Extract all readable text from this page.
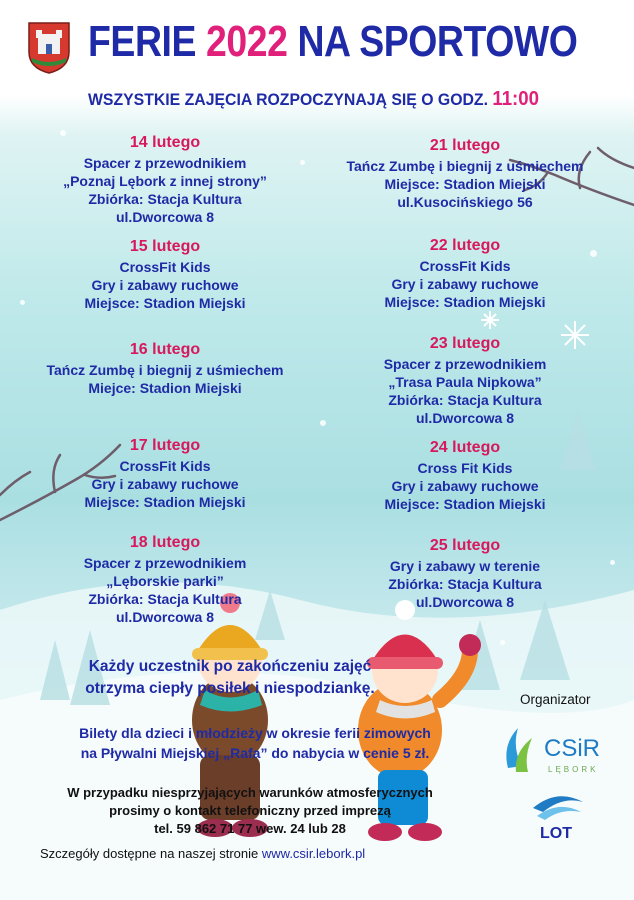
FERIE 2022 NA SPORTOWO
WSZYSTKIE ZAJĘCIA ROZPOCZYNAJĄ SIĘ O GODZ. 11:00
14 lutego
Spacer z przewodnikiem
„Poznaj Lębork z innej strony”
Zbiórka: Stacja Kultura
ul.Dworcowa 8
15 lutego
CrossFit Kids
Gry i zabawy ruchowe
Miejsce: Stadion Miejski
16 lutego
Tańcz Zumbę i biegnij z uśmiechem
Miejce: Stadion Miejski
17 lutego
CrossFit Kids
Gry i zabawy ruchowe
Miejsce: Stadion Miejski
18 lutego
Spacer z przewodnikiem
„Lęborskie parki”
Zbiórka: Stacja Kultura
ul.Dworcowa 8
21 lutego
Tańcz Zumbę i biegnij z uśmiechem
Miejsce: Stadion Miejski
ul.Kusocińskiego 56
22 lutego
CrossFit Kids
Gry i zabawy ruchowe
Miejsce: Stadion Miejski
23 lutego
Spacer z przewodnikiem
„Trasa Paula Nipkowa”
Zbiórka: Stacja Kultura
ul.Dworcowa 8
24 lutego
Cross Fit Kids
Gry i zabawy ruchowe
Miejsce: Stadion Miejski
25 lutego
Gry i zabawy w terenie
Zbiórka: Stacja Kultura
ul.Dworcowa 8
Każdy uczestnik po zakończeniu zajęć
otrzyma ciepły posiłek i niespodziankę.
Bilety dla dzieci i młodzieży w okresie ferii zimowych
na Pływalni Miejskiej „Rafa” do nabycia w cenie 5 zł.
W przypadku niesprzyjających warunków atmosferycznych
prosimy o kontakt telefoniczny przed imprezą
tel. 59 862 71 77 wew. 24 lub 28
Szczegóły dostępne na naszej stronie www.csir.lebork.pl
Organizator
CSiR
LĘBORK
LOT
